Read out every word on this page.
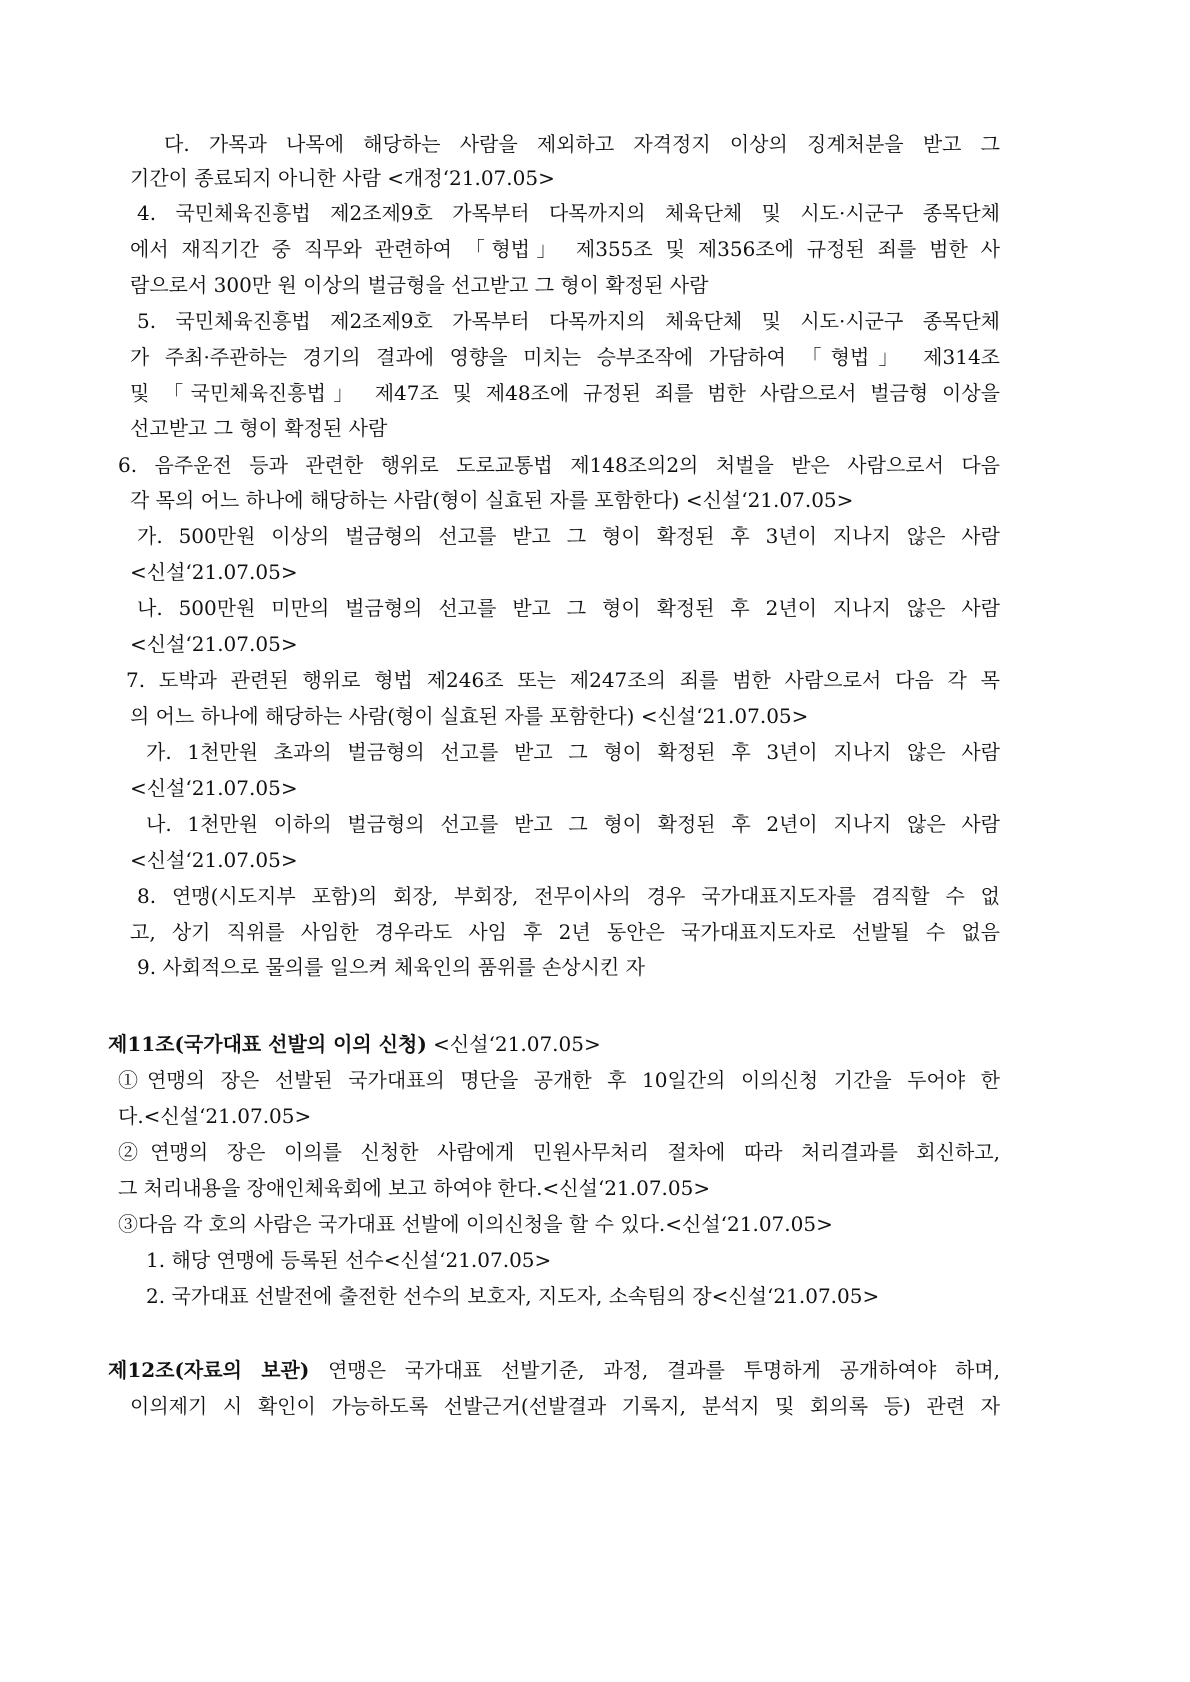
다. 가목과 나목에 해당하는 사람을 제외하고 자격정지 이상의 징계처분을 받고 그
기간이 종료되지 아니한 사람 <개정‘21.07.05>
4. 국민체육진흥법 제2조제9호 가목부터 다목까지의 체육단체 및 시도·시군구 종목단체
에서 재직기간 중 직무와 관련하여 「형법」 제355조 및 제356조에 규정된 죄를 범한 사
람으로서 300만 원 이상의 벌금형을 선고받고 그 형이 확정된 사람
5. 국민체육진흥법 제2조제9호 가목부터 다목까지의 체육단체 및 시도·시군구 종목단체
가 주최·주관하는 경기의 결과에 영향을 미치는 승부조작에 가담하여 「형법」 제314조
및 「국민체육진흥법」 제47조 및 제48조에 규정된 죄를 범한 사람으로서 벌금형 이상을
선고받고 그 형이 확정된 사람
6. 음주운전 등과 관련한 행위로 도로교통법 제148조의2의 처벌을 받은 사람으로서 다음
각 목의 어느 하나에 해당하는 사람(형이 실효된 자를 포함한다) <신설‘21.07.05>
가. 500만원 이상의 벌금형의 선고를 받고 그 형이 확정된 후 3년이 지나지 않은 사람
<신설‘21.07.05>
나. 500만원 미만의 벌금형의 선고를 받고 그 형이 확정된 후 2년이 지나지 않은 사람
<신설‘21.07.05>
7. 도박과 관련된 행위로 형법 제246조 또는 제247조의 죄를 범한 사람으로서 다음 각 목
의 어느 하나에 해당하는 사람(형이 실효된 자를 포함한다) <신설‘21.07.05>
가. 1천만원 초과의 벌금형의 선고를 받고 그 형이 확정된 후 3년이 지나지 않은 사람
<신설‘21.07.05>
나. 1천만원 이하의 벌금형의 선고를 받고 그 형이 확정된 후 2년이 지나지 않은 사람
<신설‘21.07.05>
8. 연맹(시도지부 포함)의 회장, 부회장, 전무이사의 경우 국가대표지도자를 겸직할 수 없
고, 상기 직위를 사임한 경우라도 사임 후 2년 동안은 국가대표지도자로 선발될 수 없음
9. 사회적으로 물의를 일으켜 체육인의 품위를 손상시킨 자
제11조(국가대표 선발의 이의 신청) <신설‘21.07.05>
①연맹의 장은 선발된 국가대표의 명단을 공개한 후 10일간의 이의신청 기간을 두어야 한
다.<신설‘21.07.05>
②연맹의 장은 이의를 신청한 사람에게 민원사무처리 절차에 따라 처리결과를 회신하고,
그 처리내용을 장애인체육회에 보고 하여야 한다.<신설‘21.07.05>
③다음 각 호의 사람은 국가대표 선발에 이의신청을 할 수 있다.<신설‘21.07.05>
1. 해당 연맹에 등록된 선수<신설‘21.07.05>
2. 국가대표 선발전에 출전한 선수의 보호자, 지도자, 소속팀의 장<신설‘21.07.05>
제12조(자료의 보관) 연맹은 국가대표 선발기준, 과정, 결과를 투명하게 공개하여야 하며,
이의제기 시 확인이 가능하도록 선발근거(선발결과 기록지, 분석지 및 회의록 등) 관련 자
